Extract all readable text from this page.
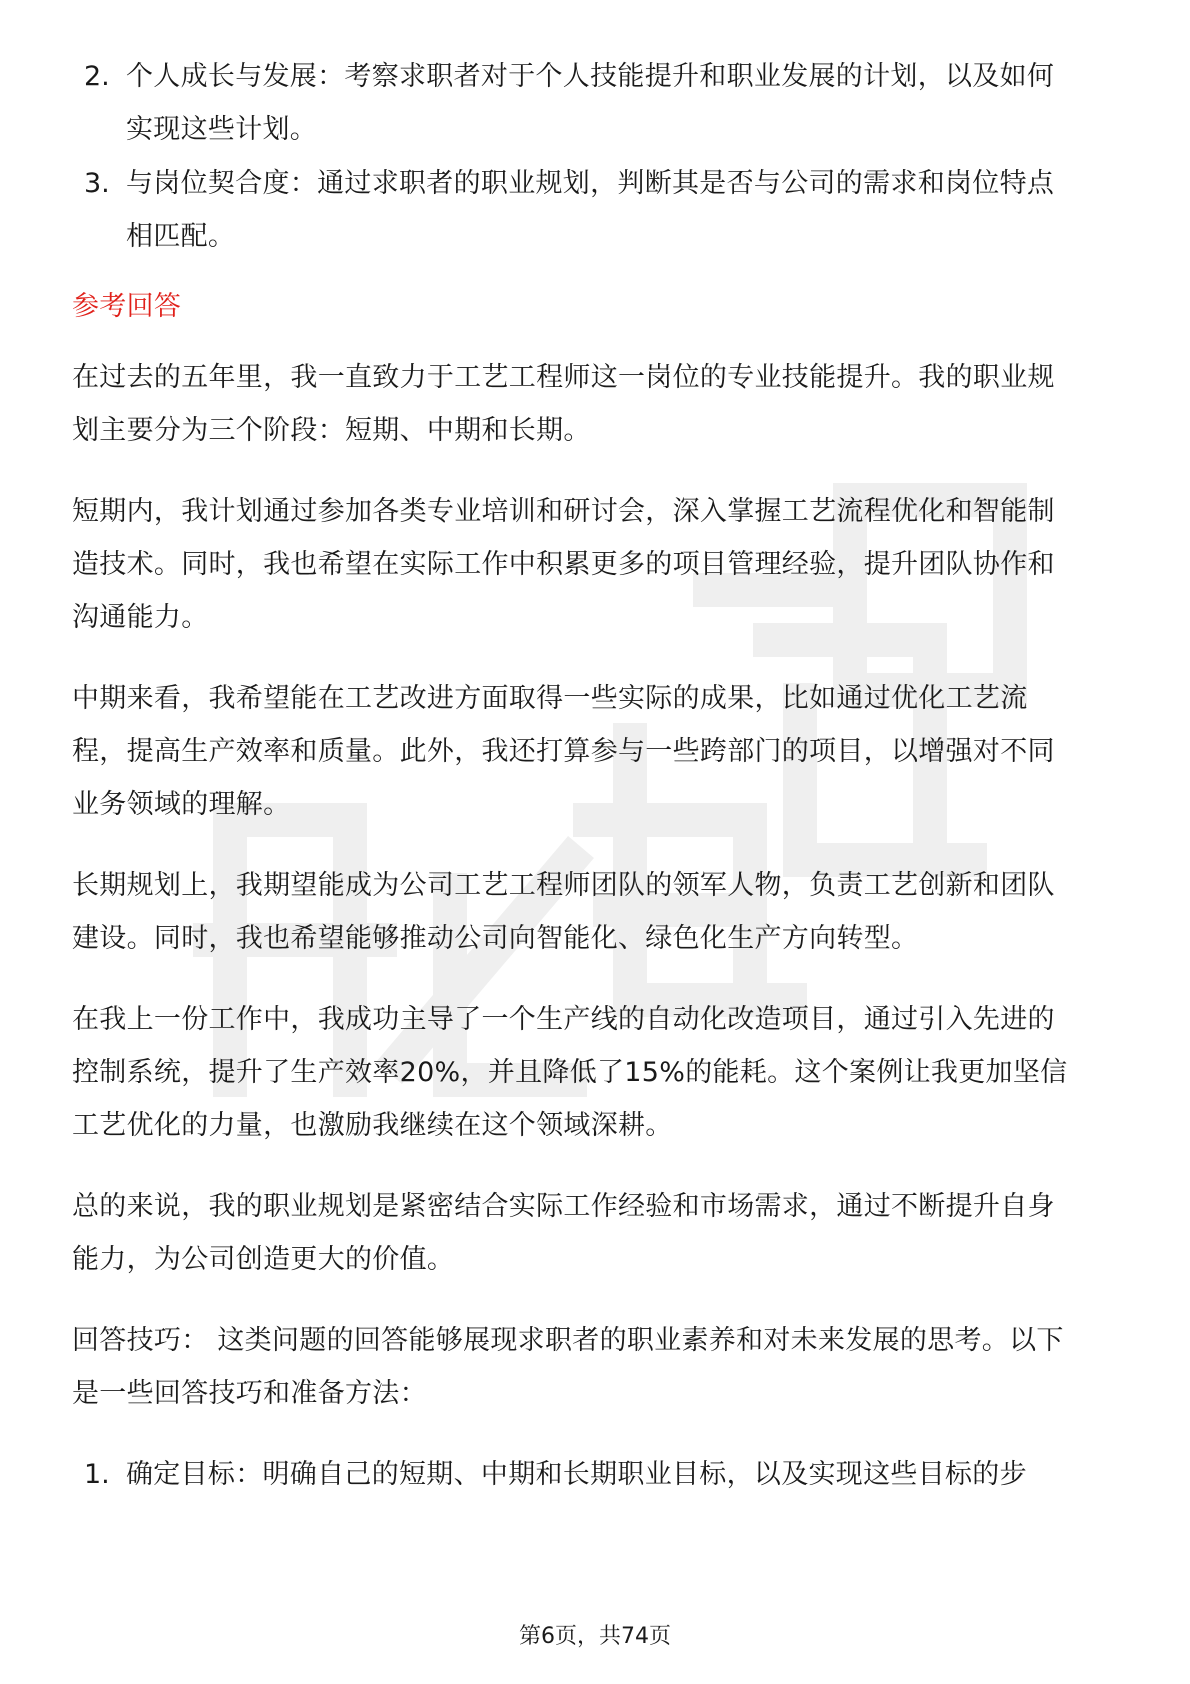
2. 个人成长与发展：考察求职者对于个人技能提升和职业发展的计划，以及如何
实现这些计划。
3. 与岗位契合度：通过求职者的职业规划，判断其是否与公司的需求和岗位特点
相匹配。
参考回答
在过去的五年里，我一直致力于工艺工程师这一岗位的专业技能提升。我的职业规
划主要分为三个阶段：短期、中期和长期。
短期内，我计划通过参加各类专业培训和研讨会，深入掌握工艺流程优化和智能制
造技术。同时，我也希望在实际工作中积累更多的项目管理经验，提升团队协作和
沟通能力。
中期来看，我希望能在工艺改进方面取得一些实际的成果，比如通过优化工艺流
程，提高生产效率和质量。此外，我还打算参与一些跨部门的项目，以增强对不同
业务领域的理解。
长期规划上，我期望能成为公司工艺工程师团队的领军人物，负责工艺创新和团队
建设。同时，我也希望能够推动公司向智能化、绿色化生产方向转型。
在我上一份工作中，我成功主导了一个生产线的自动化改造项目，通过引入先进的
控制系统，提升了生产效率20%，并且降低了15%的能耗。这个案例让我更加坚信
工艺优化的力量，也激励我继续在这个领域深耕。
总的来说，我的职业规划是紧密结合实际工作经验和市场需求，通过不断提升自身
能力，为公司创造更大的价值。
回答技巧： 这类问题的回答能够展现求职者的职业素养和对未来发展的思考。以下
是一些回答技巧和准备方法：
1. 确定目标：明确自己的短期、中期和长期职业目标，以及实现这些目标的步
第6页，共74页
